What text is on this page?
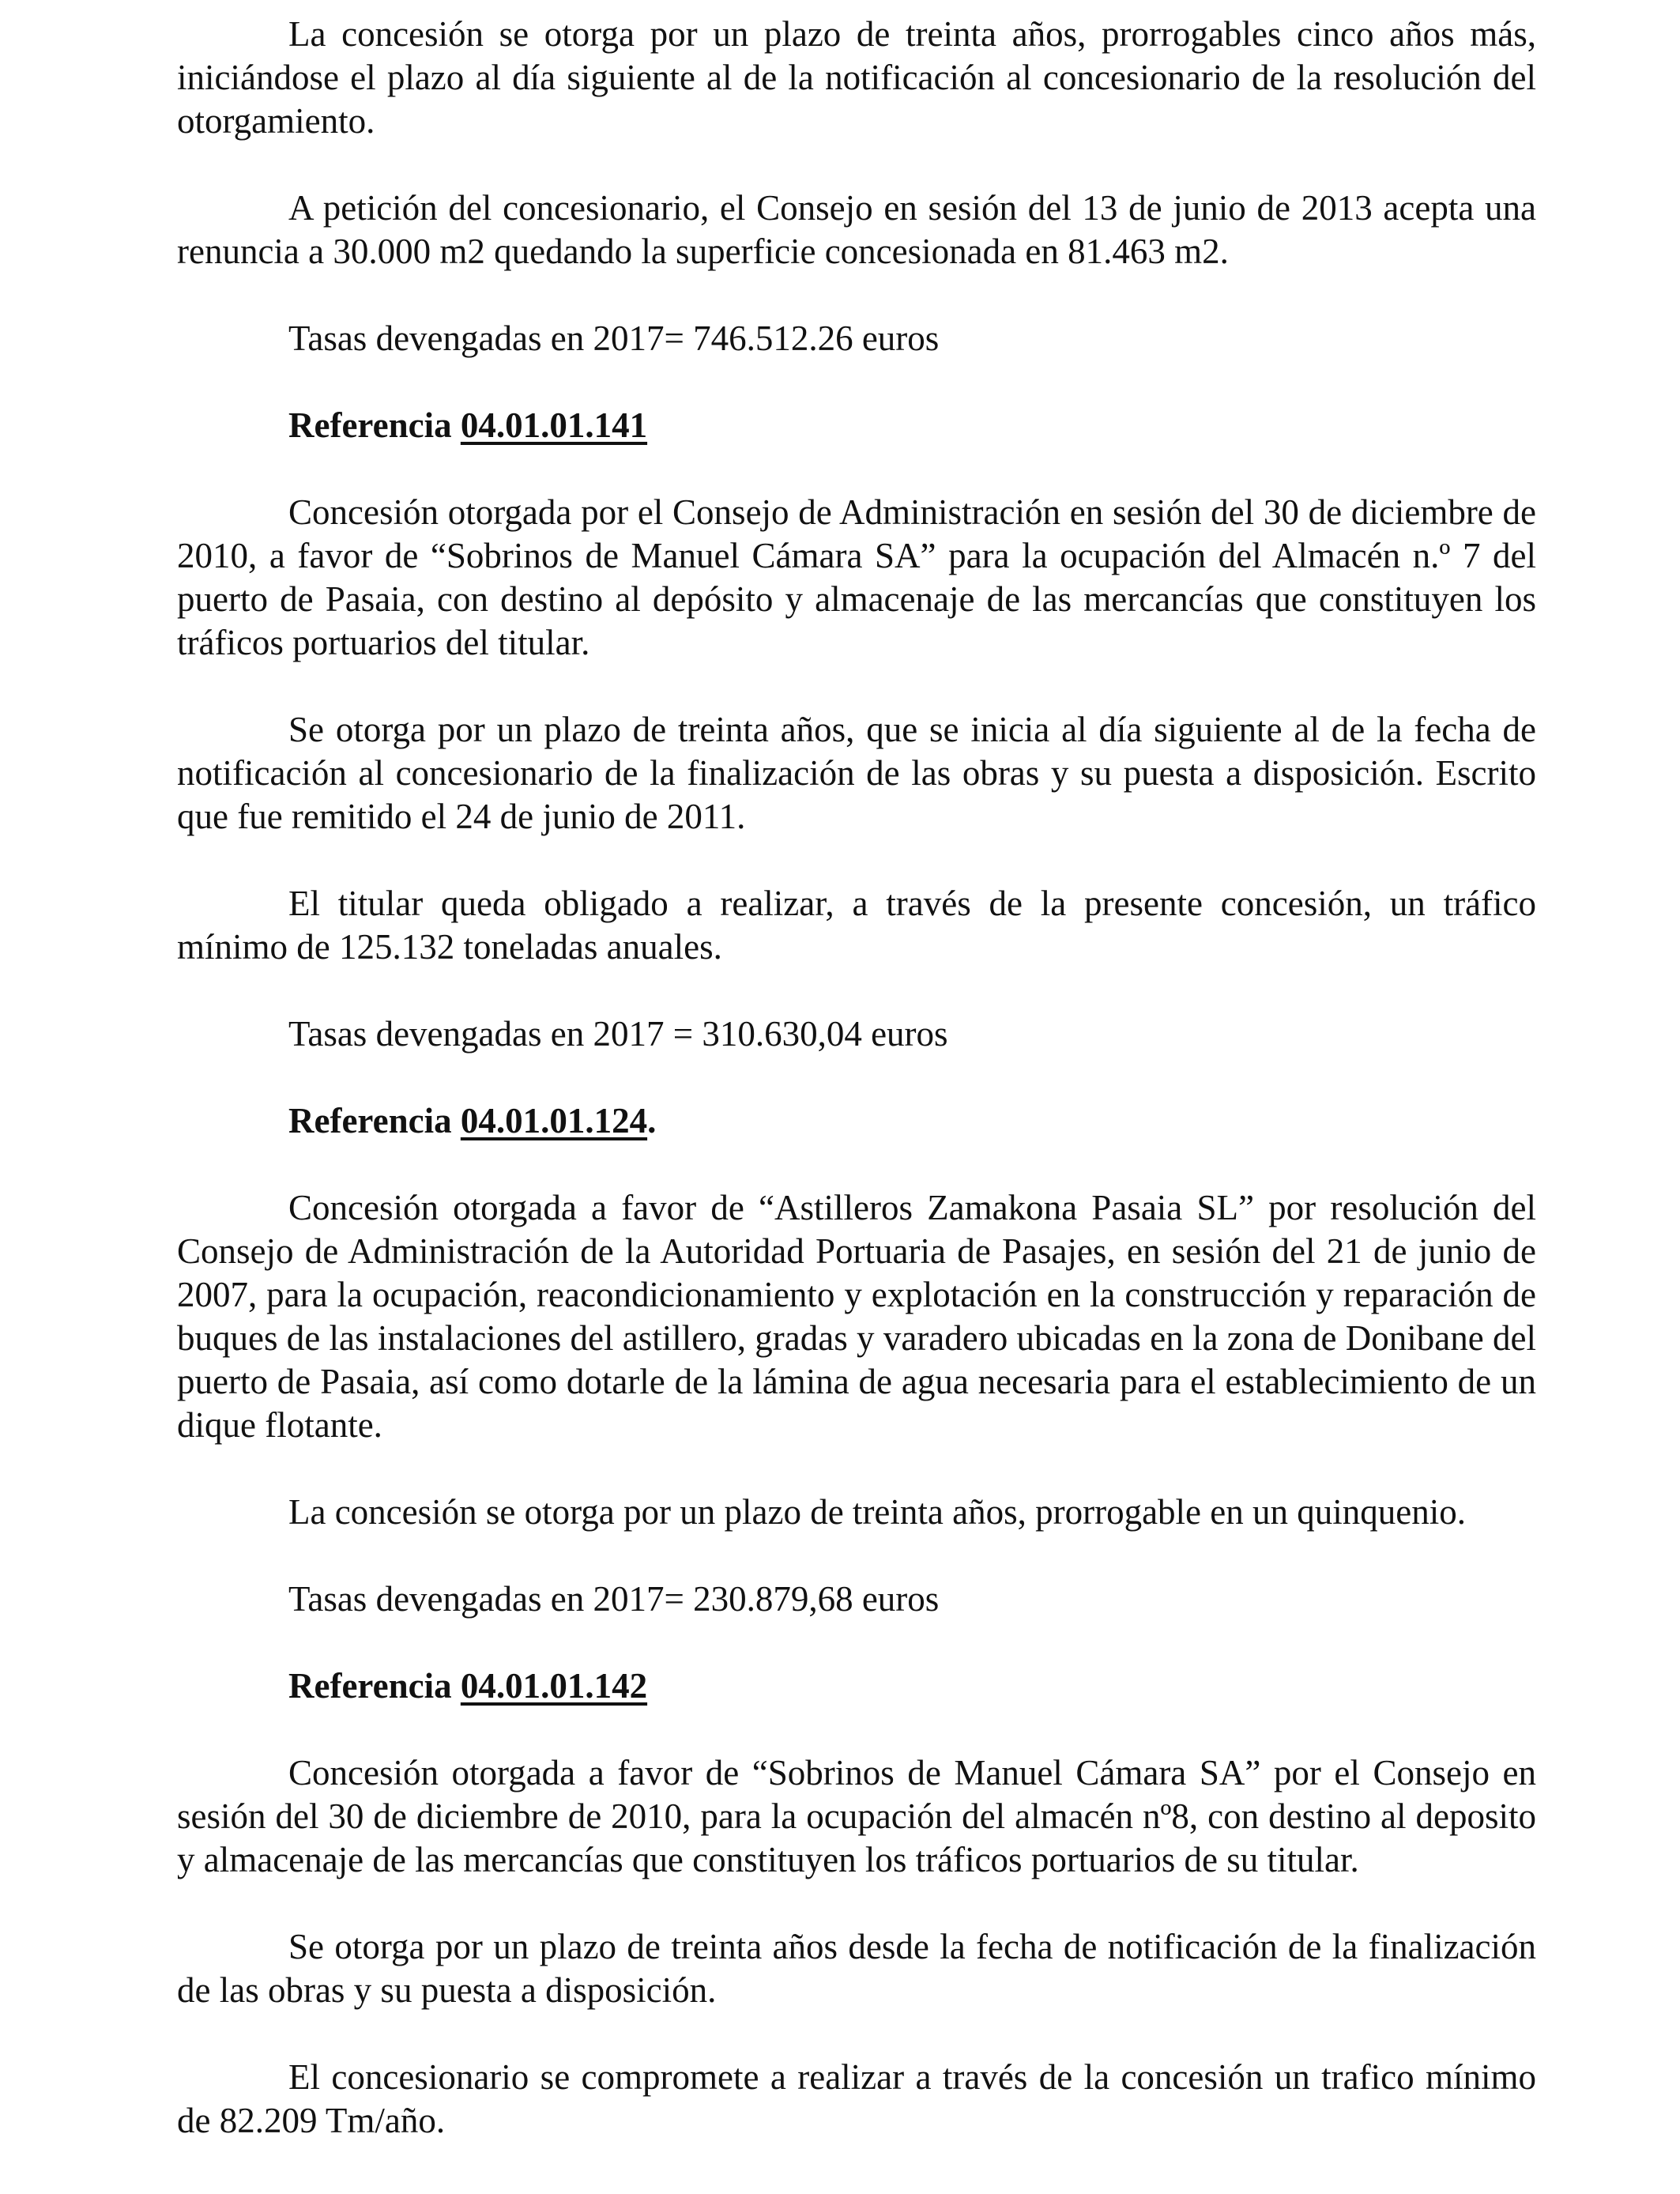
La concesión se otorga por un plazo de treinta años, prorrogables cinco años más, iniciándose el plazo al día siguiente al de la notificación al concesionario de la resolución del otorgamiento.

A petición del concesionario, el Consejo en sesión del 13 de junio de 2013 acepta una renuncia a 30.000 m2 quedando la superficie concesionada en 81.463 m2.

Tasas devengadas en 2017= 746.512.26 euros

Referencia 04.01.01.141

Concesión otorgada por el Consejo de Administración en sesión del 30 de diciembre de 2010, a favor de “Sobrinos de Manuel Cámara SA” para la ocupación del Almacén n.º 7 del puerto de Pasaia, con destino al depósito y almacenaje de las mercancías que constituyen los tráficos portuarios del titular.

Se otorga por un plazo de treinta años, que se inicia al día siguiente al de la fecha de notificación al concesionario de la finalización de las obras y su puesta a disposición. Escrito que fue remitido el 24 de junio de 2011.

El titular queda obligado a realizar, a través de la presente concesión, un tráfico mínimo de 125.132 toneladas anuales.

Tasas devengadas en 2017 = 310.630,04 euros

Referencia 04.01.01.124.

Concesión otorgada a favor de “Astilleros Zamakona Pasaia SL” por resolución del Consejo de Administración de la Autoridad Portuaria de Pasajes, en sesión del 21 de junio de 2007, para la ocupación, reacondicionamiento y explotación en la construcción y reparación de buques de las instalaciones del astillero, gradas y varadero ubicadas en la zona de Donibane del puerto de Pasaia, así como dotarle de la lámina de agua necesaria para el establecimiento de un dique flotante.

La concesión se otorga por un plazo de treinta años, prorrogable en un quinquenio.

Tasas devengadas en 2017= 230.879,68 euros

Referencia 04.01.01.142

Concesión otorgada a favor de “Sobrinos de Manuel Cámara SA” por el Consejo en sesión del 30 de diciembre de 2010, para la ocupación del almacén nº8, con destino al deposito y almacenaje de las mercancías que constituyen los tráficos portuarios de su titular.

Se otorga por un plazo de treinta años desde la fecha de notificación de la finalización de las obras y su puesta a disposición.

El concesionario se compromete a realizar a través de la concesión un trafico mínimo de 82.209 Tm/año.
